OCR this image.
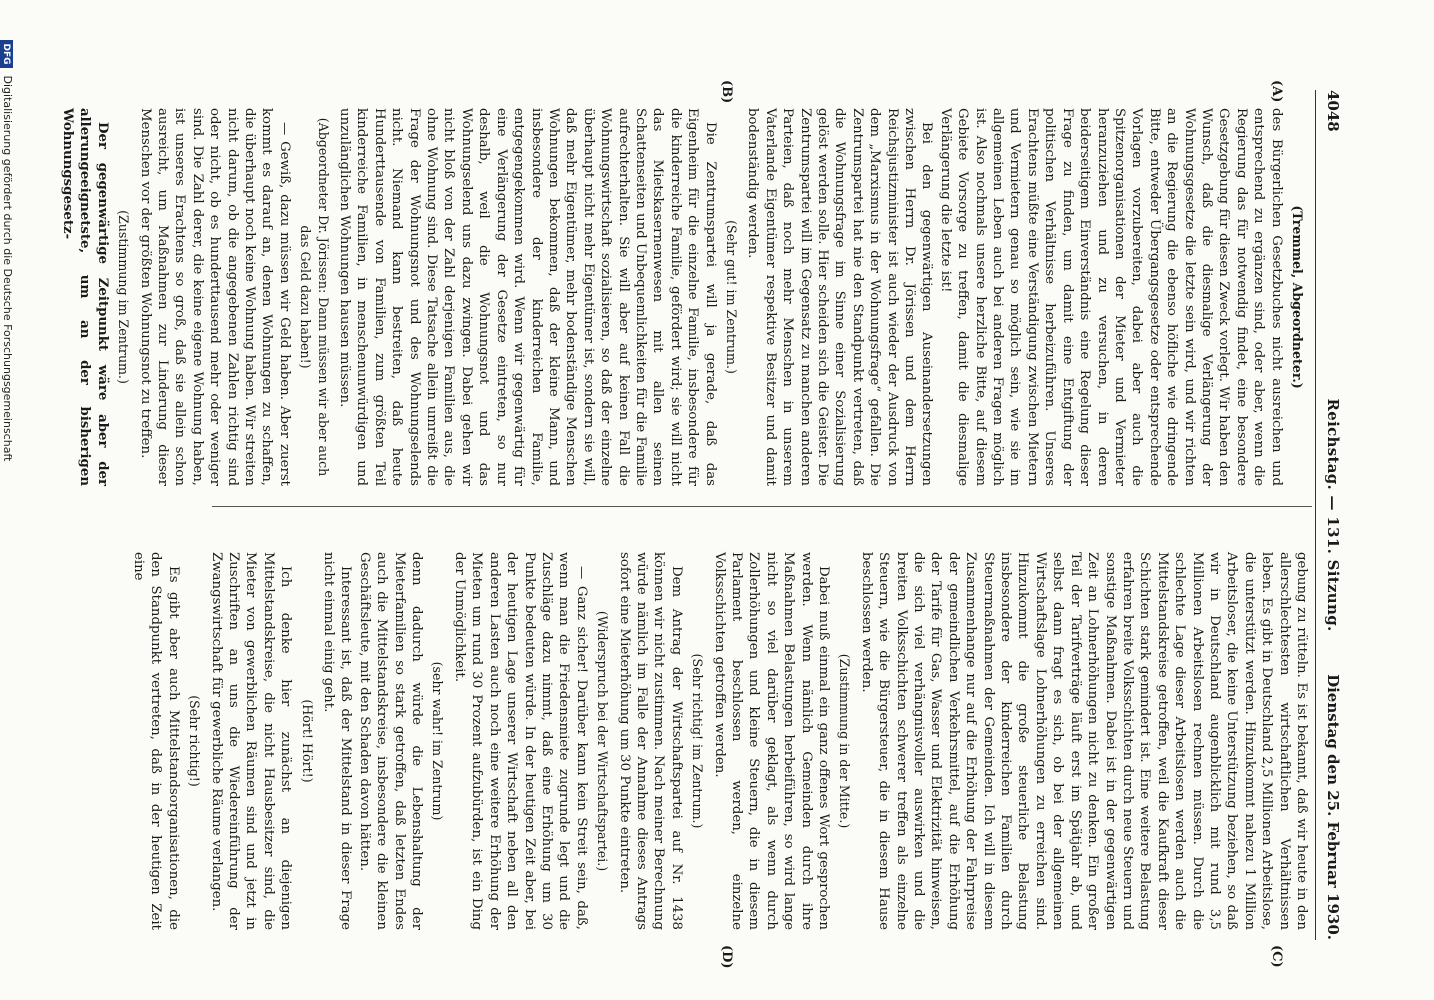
4048
Reichstag. — 131. Sitzung.
Dienstag den 25. Februar 1930.
(A)
(B)
(C)
(D)
(Tremmel, Abgeordneter.)

des Bürgerlichen Gesetzbuches nicht ausreichen und entsprechend zu ergänzen sind, oder aber, wenn die Regierung das für notwendig findet, eine besondere Gesetzgebung für diesen Zweck vorlegt. Wir haben den Wunsch, daß die diesmalige Verlängerung der Wohnungsgesetze die letzte sein wird, und wir richten an die Regierung die ebenso höfliche wie dringende Bitte, entweder Übergangsgesetze oder entsprechende Vorlagen vorzubereiten, dabei aber auch die Spitzenorganisationen der Mieter und Vermieter heranzuziehen und zu versuchen, in deren beiderseitigem Einverständnis eine Regelung dieser Frage zu finden, um damit eine Entgiftung der politischen Verhältnisse herbeizuführen. Unseres Erachtens müßte eine Verständigung zwischen Mietern und Vermietern genau so möglich sein, wie sie im allgemeinen Leben auch bei anderen Fragen möglich ist. Also nochmals unsere herzliche Bitte, auf diesem Gebiete Vorsorge zu treffen, damit die diesmalige Verlängerung die letzte ist!

Bei den gegenwärtigen Auseinandersetzungen zwischen Herrn Dr. Jörissen und dem Herrn Reichsjustizminister ist auch wieder der Ausdruck von dem „Marxismus in der Wohnungsfrage“ gefallen. Die Zentrumspartei hat nie den Standpunkt vertreten, daß die Wohnungsfrage im Sinne einer Sozialisierung gelöst werden solle. Hier scheiden sich die Geister. Die Zentrumspartei will im Gegensatz zu manchen anderen Parteien, daß noch mehr Menschen in unserem Vaterlande Eigentümer respektive Besitzer und damit bodenständig werden.

(Sehr gut! im Zentrum.)

Die Zentrumspartei will ja gerade, daß das Eigenheim für die einzelne Familie, insbesondere für die kinderreiche Familie, gefördert wird; sie will nicht das Mietskasernenwesen mit allen seinen Schattenseiten und Unbequemlichkeiten für die Familie aufrechterhalten. Sie will aber auf keinen Fall die Wohnungswirtschaft sozialisieren, so daß der einzelne überhaupt nicht mehr Eigentümer ist, sondern sie will, daß mehr Eigentümer, mehr bodenständige Menschen Wohnungen bekommen, daß der kleine Mann, und insbesondere der kinderreichen Familie, entgegengekommen wird. Wenn wir gegenwärtig für eine Verlängerung der Gesetze eintreten, so nur deshalb, weil die Wohnungsnot und das Wohnungselend uns dazu zwingen. Dabei gehen wir nicht bloß von der Zahl derjenigen Familien aus, die ohne Wohnung sind. Diese Tatsache allein umreißt die Frage der Wohnungsnot und des Wohnungselends nicht. Niemand kann bestreiten, daß heute Hunderttausende von Familien, zum größten Teil kinderreiche Familien, in menschenunwürdigen und unzulänglichen Wohnungen hausen müssen.

(Abgeordneter Dr. Jörissen: Dann müssen wir aber auch das Geld dazu haben!)

— Gewiß, dazu müssen wir Geld haben. Aber zuerst kommt es darauf an, denen Wohnungen zu schaffen, die überhaupt noch keine Wohnung haben. Wir streiten nicht darum, ob die angegebenen Zahlen richtig sind oder nicht, ob es hunderttausend mehr oder weniger sind. Die Zahl derer, die keine eigene Wohnung haben, ist unseres Erachtens so groß, daß sie allein schon ausreicht, um Maßnahmen zur Linderung dieser Menschen vor der größten Wohnungsnot zu treffen.

(Zustimmung im Zentrum.)

Der gegenwärtige Zeitpunkt wäre aber der allerungeeignetste, um an der bisherigen Wohnungsgesetz-

gebung zu rütteln. Es ist bekannt, daß wir heute in den allerschlechtesten wirtschaftlichen Verhältnissen leben. Es gibt in Deutschland 2,5 Millionen Arbeitslose, die unterstützt werden. Hinzukommt nahezu 1 Million Arbeitsloser, die keine Unterstützung beziehen, so daß wir in Deutschland augenblicklich mit rund 3,5 Millionen Arbeitslosen rechnen müssen. Durch die schlechte Lage dieser Arbeitslosen werden auch die Mittelstandskreise getroffen, weil die Kaufkraft dieser Schichten stark gemindert ist. Eine weitere Belastung erfahren breite Volksschichten durch neue Steuern und sonstige Maßnahmen. Dabei ist in der gegenwärtigen Zeit an Lohnerhöhungen nicht zu denken. Ein großer Teil der Tarifverträge läuft erst im Spätjahr ab, und selbst dann fragt es sich, ob bei der allgemeinen Wirtschaftslage Lohnerhöhungen zu erreichen sind. Hinzukommt die große steuerliche Belastung insbesondere der kinderreichen Familien durch Steuermaßnahmen der Gemeinden. Ich will in diesem Zusammenhange nur auf die Erhöhung der Fahrpreise der gemeindlichen Verkehrsmittel, auf die Erhöhung der Tarife für Gas, Wasser und Elektrizität hinweisen, die sich viel verhängnisvoller auswirken und die breiten Volksschichten schwerer treffen als einzelne Steuern, wie die Bürgersteuer, die in diesem Hause beschlossen werden.

(Zustimmung in der Mitte.)

Dabei muß einmal ein ganz offenes Wort gesprochen werden. Wenn nämlich Gemeinden durch ihre Maßnahmen Belastungen herbeiführen, so wird lange nicht so viel darüber geklagt, als wenn durch Zollerhöhungen und kleine Steuern, die in diesem Parlament beschlossen werden, einzelne Volksschichten getroffen werden.

(Sehr richtig! im Zentrum.)

Dem Antrag der Wirtschaftspartei auf Nr. 1438 können wir nicht zustimmen. Nach meiner Berechnung würde nämlich im Falle der Annahme dieses Antrags sofort eine Mieterhöhung um 30 Punkte eintreten.

(Widerspruch bei der Wirtschaftspartei.)

— Ganz sicher! Darüber kann kein Streit sein, daß, wenn man die Friedensmiete zugrunde legt und die Zuschläge dazu nimmt, daß eine Erhöhung um 30 Punkte bedeuten würde. In der heutigen Zeit aber, bei der heutigen Lage unserer Wirtschaft neben all den anderen Lasten auch noch eine weitere Erhöhung der Mieten um rund 30 Prozent aufzubürden, ist ein Ding der Unmöglichkeit.

(sehr wahr! im Zentrum)

denn dadurch würde die Lebenshaltung der Mieterfamilien so stark getroffen, daß letzten Endes auch die Mittelstandskreise, insbesondere die kleinen Geschäftsleute, mit den Schaden davon hätten.

Interessant ist, daß der Mittelstand in dieser Frage nicht einmal einig geht.

(Hört! Hört!)

Ich denke hier zunächst an diejenigen Mittelstandskreise, die nicht Hausbesitzer sind, die Mieter von gewerblichen Räumen sind und jetzt in Zuschriften an uns die Wiedereinführung der Zwangswirtschaft für gewerbliche Räume verlangen.

(Sehr richtig!)

Es gibt aber auch Mittelstandsorganisationen, die den Standpunkt vertreten, daß in der heutigen Zeit eine

DFG Digitalisierung gefördert durch die Deutsche Forschungsgemeinschaft
